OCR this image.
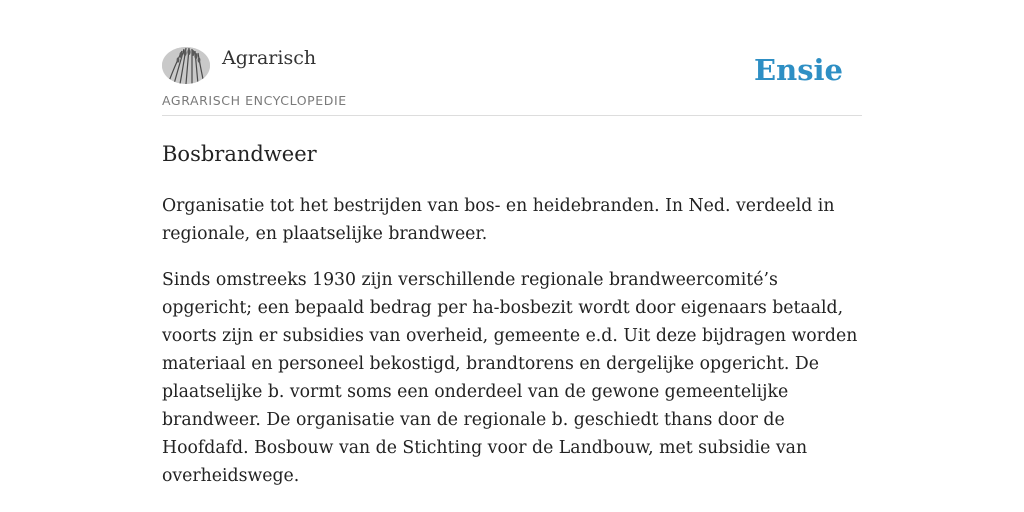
Agrarisch
AGRARISCH ENCYCLOPEDIE
Ensie
Bosbrandweer

Organisatie tot het bestrijden van bos- en heidebranden. In Ned. verdeeld in regionale, en plaatselijke brandweer.

Sinds omstreeks 1930 zijn verschillende regionale brandweercomité’s opgericht; een bepaald bedrag per ha-bosbezit wordt door eigenaars betaald, voorts zijn er subsidies van overheid, gemeente e.d. Uit deze bijdragen worden materiaal en personeel bekostigd, brandtorens en dergelijke opgericht. De plaatselijke b. vormt soms een onderdeel van de gewone gemeentelijke brandweer. De organisatie van de regionale b. geschiedt thans door de Hoofdafd. Bosbouw van de Stichting voor de Landbouw, met subsidie van overheidswege.
